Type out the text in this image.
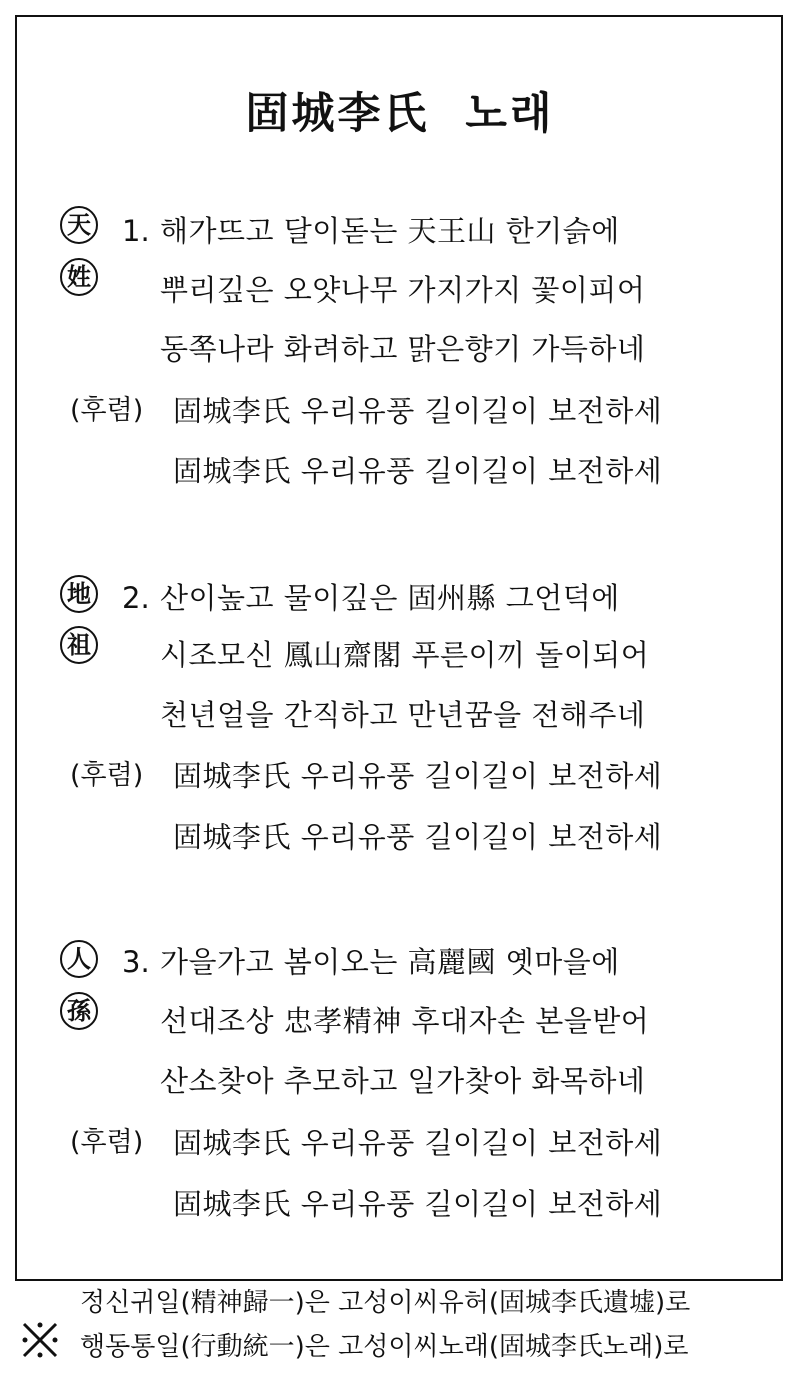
固城李氏  노래
天
姓
1. 해가뜨고 달이돋는 天王山 한기슭에
뿌리깊은 오얏나무 가지가지 꽃이피어
동쪽나라 화려하고 맑은향기 가득하네
(후렴) 固城李氏 우리유풍 길이길이 보전하세
固城李氏 우리유풍 길이길이 보전하세
地
祖
2. 산이높고 물이깊은 固州縣 그언덕에
시조모신 鳳山齋閣 푸른이끼 돌이되어
천년얼을 간직하고 만년꿈을 전해주네
(후렴) 固城李氏 우리유풍 길이길이 보전하세
固城李氏 우리유풍 길이길이 보전하세
人
孫
3. 가을가고 봄이오는 高麗國 옛마을에
선대조상 忠孝精神 후대자손 본을받어
산소찾아 추모하고 일가찾아 화목하네
(후렴) 固城李氏 우리유풍 길이길이 보전하세
固城李氏 우리유풍 길이길이 보전하세
정신귀일(精神歸一)은 고성이씨유허(固城李氏遺墟)로
행동통일(行動統一)은 고성이씨노래(固城李氏노래)로
